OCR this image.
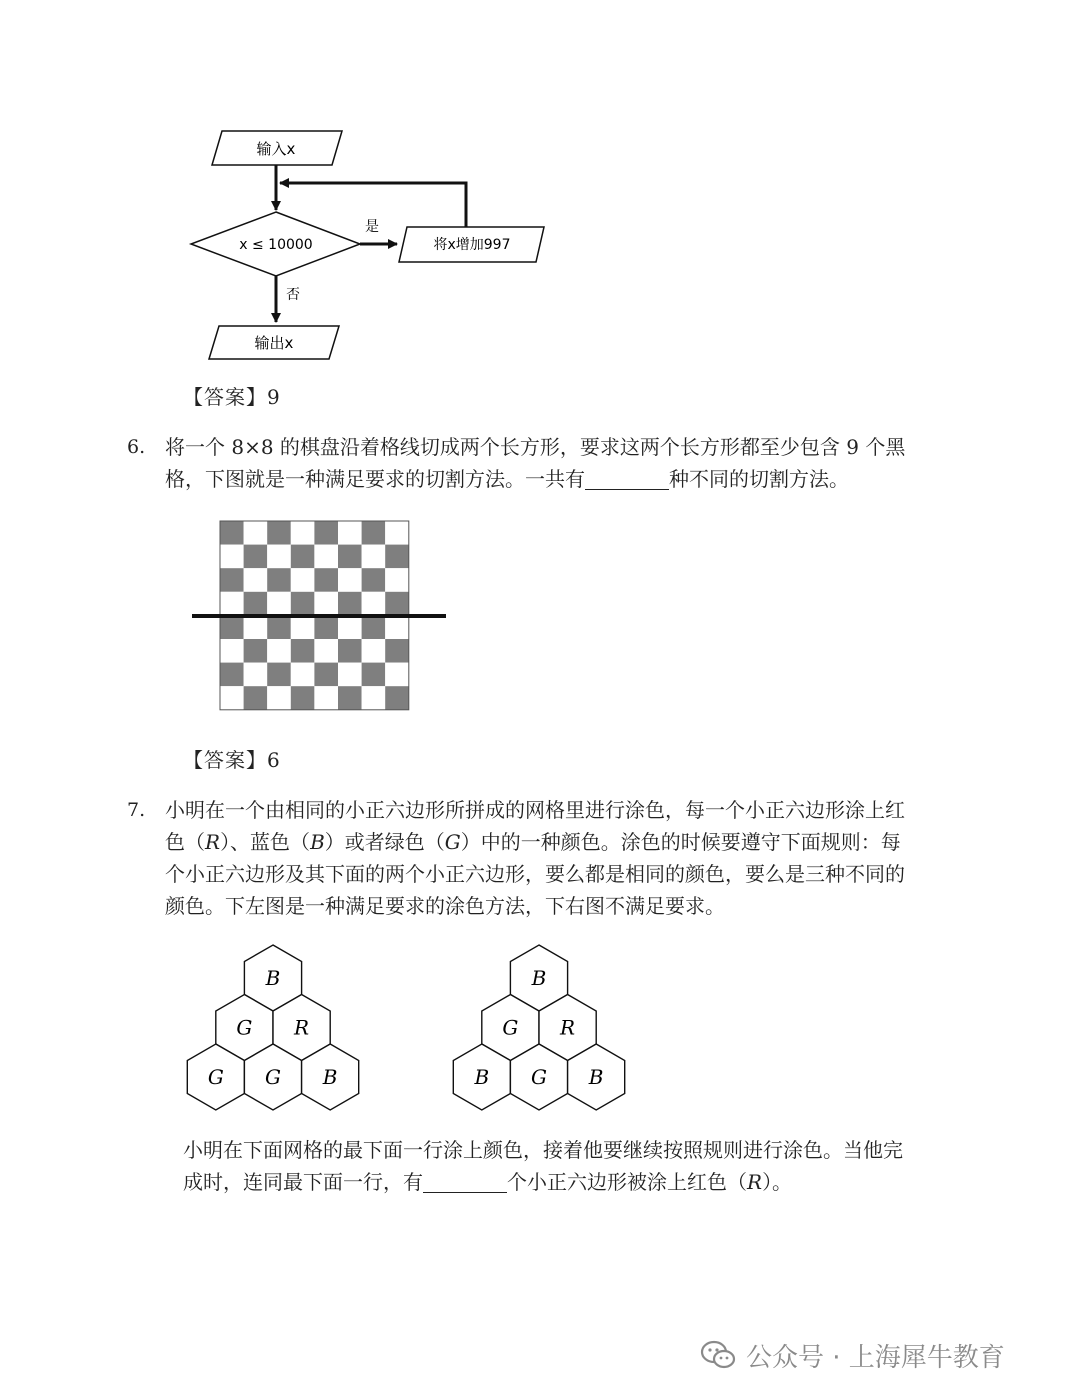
输入x
x ≤ 10000
是
将x增加997
否
输出x
【答案】9
6. 将一个 8×8 的棋盘沿着格线切成两个长方形，要求这两个长方形都至少包含 9 个黑
格，下图就是一种满足要求的切割方法。一共有	种不同的切割方法。
【答案】6
7. 小明在一个由相同的小正六边形所拼成的网格里进行涂色，每一个小正六边形涂上红
色（R）、蓝色（B）或者绿色（G）中的一种颜色。涂色的时候要遵守下面规则：每
个小正六边形及其下面的两个小正六边形，要么都是相同的颜色，要么是三种不同的
颜色。下左图是一种满足要求的涂色方法，下右图不满足要求。
B
G R
G G B
B
G R
B G B
小明在下面网格的最下面一行涂上颜色，接着他要继续按照规则进行涂色。当他完
成时，连同最下面一行，有	个小正六边形被涂上红色（R）。
公众号 · 上海犀牛教育
